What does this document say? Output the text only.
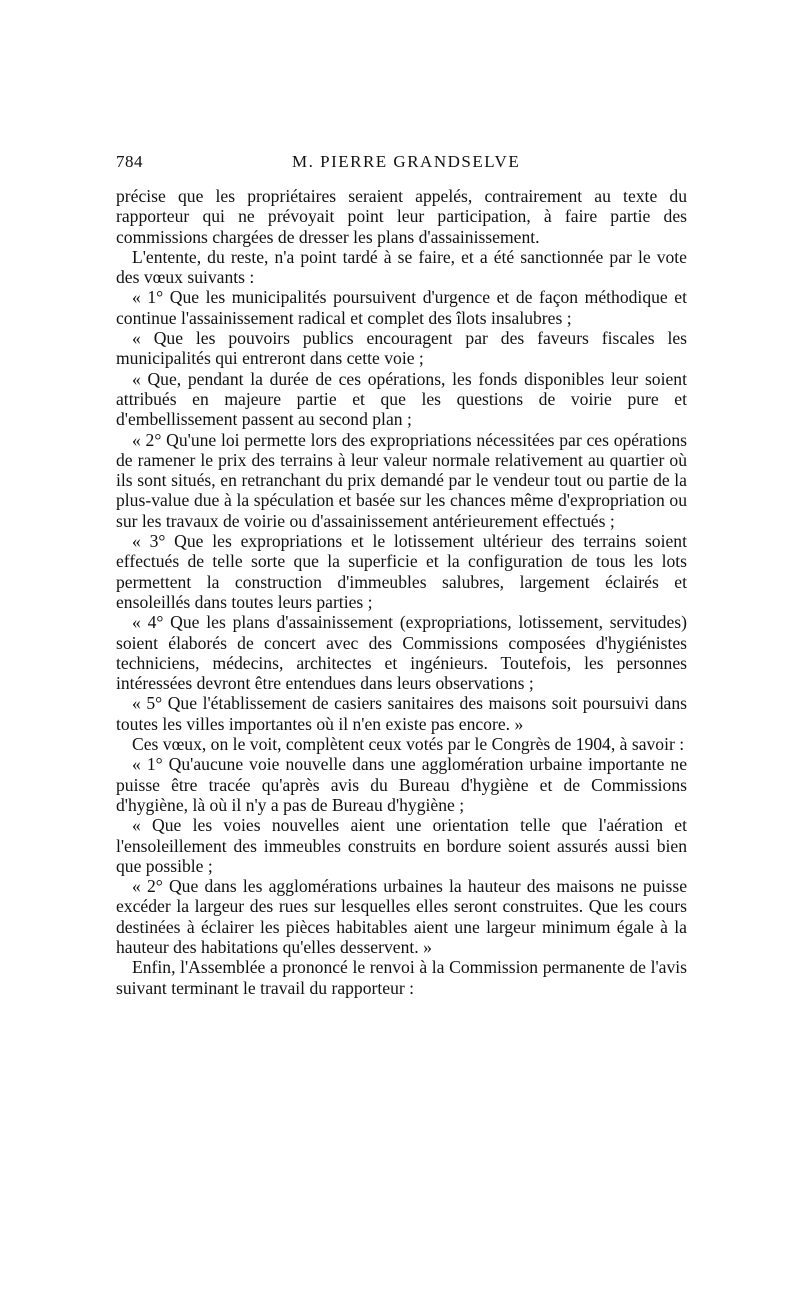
784	M. PIERRE GRANDSELVE

précise que les propriétaires seraient appelés, contrairement au texte du rapporteur qui ne prévoyait point leur participation, à faire partie des commissions chargées de dresser les plans d'assainissement.

L'entente, du reste, n'a point tardé à se faire, et a été sanctionnée par le vote des vœux suivants :

« 1° Que les municipalités poursuivent d'urgence et de façon méthodique et continue l'assainissement radical et complet des îlots insalubres ;

« Que les pouvoirs publics encouragent par des faveurs fiscales les municipalités qui entreront dans cette voie ;

« Que, pendant la durée de ces opérations, les fonds disponibles leur soient attribués en majeure partie et que les questions de voirie pure et d'embellissement passent au second plan ;

« 2° Qu'une loi permette lors des expropriations nécessitées par ces opérations de ramener le prix des terrains à leur valeur normale relativement au quartier où ils sont situés, en retranchant du prix demandé par le vendeur tout ou partie de la plus-value due à la spéculation et basée sur les chances même d'expropriation ou sur les travaux de voirie ou d'assainissement antérieurement effectués ;

« 3° Que les expropriations et le lotissement ultérieur des terrains soient effectués de telle sorte que la superficie et la configuration de tous les lots permettent la construction d'immeubles salubres, largement éclairés et ensoleillés dans toutes leurs parties ;

« 4° Que les plans d'assainissement (expropriations, lotissement, servitudes) soient élaborés de concert avec des Commissions composées d'hygiénistes techniciens, médecins, architectes et ingénieurs. Toutefois, les personnes intéressées devront être entendues dans leurs observations ;

« 5° Que l'établissement de casiers sanitaires des maisons soit poursuivi dans toutes les villes importantes où il n'en existe pas encore. »

Ces vœux, on le voit, complètent ceux votés par le Congrès de 1904, à savoir :

« 1° Qu'aucune voie nouvelle dans une agglomération urbaine importante ne puisse être tracée qu'après avis du Bureau d'hygiène et de Commissions d'hygiène, là où il n'y a pas de Bureau d'hygiène ;

« Que les voies nouvelles aient une orientation telle que l'aération et l'ensoleillement des immeubles construits en bordure soient assurés aussi bien que possible ;

« 2° Que dans les agglomérations urbaines la hauteur des maisons ne puisse excéder la largeur des rues sur lesquelles elles seront construites. Que les cours destinées à éclairer les pièces habitables aient une largeur minimum égale à la hauteur des habitations qu'elles desservent. »

Enfin, l'Assemblée a prononcé le renvoi à la Commission permanente de l'avis suivant terminant le travail du rapporteur :
